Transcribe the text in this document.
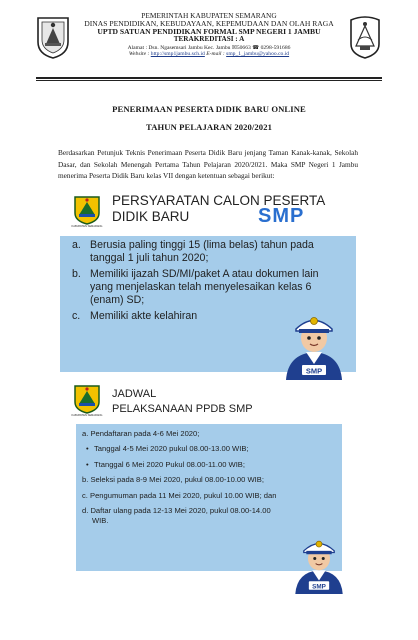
PEMERINTAH KABUPATEN SEMARANG
DINAS PENDIDIKAN, KEBUDAYAAN, KEPEMUDAAN DAN OLAH RAGA
UPTD SATUAN PENDIDIKAN FORMAL SMP NEGERI 1 JAMBU
TERAKREDITASI : A
Alamat : Dsn. Ngasemsari Jambu Kec. Jambu ☒50663 ☎ 0298-591686
Website : http://smp1jambu.sch.id E-mail : smp_1_jambu@yahoo.co.id
PENERIMAAN PESERTA DIDIK BARU ONLINE
TAHUN PELAJARAN 2020/2021

Berdasarkan Petunjuk Teknis Penerimaan Peserta Didik Baru jenjang Taman Kanak-kanak, Sekolah Dasar, dan Sekolah Menengah Pertama Tahun Pelajaran 2020/2021. Maka SMP Negeri 1 Jambu menerima Peserta Didik Baru kelas VII dengan ketentuan sebagai berikut:

KABUPATEN SEMARANG
PERSYARATAN CALON PESERTA
DIDIK BARU	SMP
a. Berusia paling tinggi 15 (lima belas) tahun pada tanggal 1 juli tahun 2020;
b. Memiliki ijazah SD/MI/paket A atau dokumen lain yang menjelaskan telah menyelesaikan kelas 6 (enam) SD;
c. Memiliki akte kelahiran
SMP
KABUPATEN SEMARANG
JADWAL
PELAKSANAAN PPDB SMP
a. Pendaftaran pada 4-6 Mei 2020;
• Tanggal 4-5 Mei 2020 pukul 08.00-13.00 WIB;
• Ttanggal 6 Mei 2020 Pukul 08.00-11.00 WIB;
b. Seleksi pada 8-9 Mei 2020, pukul 08.00-10.00 WIB;
c. Pengumuman pada 11 Mei 2020, pukul 10.00 WIB; dan
d. Daftar ulang pada 12-13 Mei 2020, pukul 08.00-14.00
WIB.
SMP
